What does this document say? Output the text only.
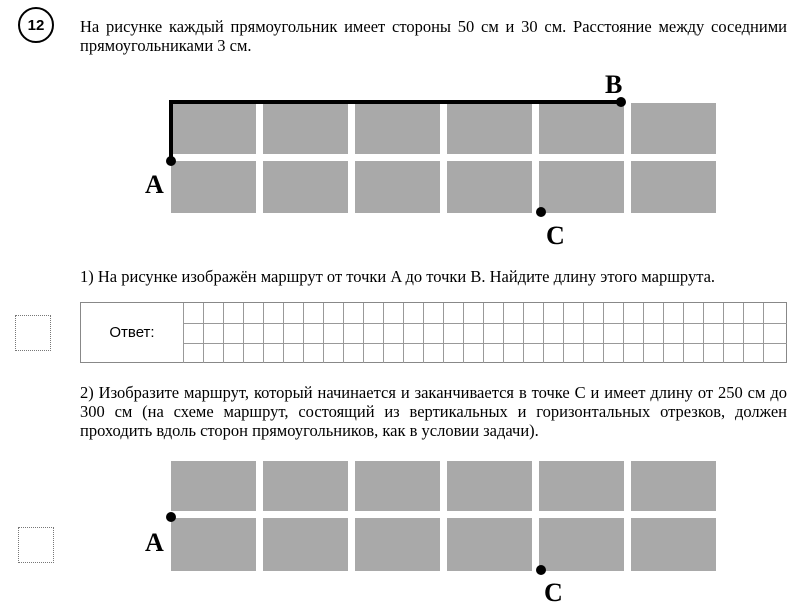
12	На рисунке каждый прямоугольник имеет стороны 50 см и 30 см. Расстояние между соседними прямоугольниками 3 см.
A
B
C
1) На рисунке изображён маршрут от точки A до точки B. Найдите длину этого маршрута.
Ответ:
2) Изобразите маршрут, который начинается и заканчивается в точке C и имеет длину от 250 см до 300 см (на схеме маршрут, состоящий из вертикальных и горизонтальных отрезков, должен проходить вдоль сторон прямоугольников, как в условии задачи).
A
C
